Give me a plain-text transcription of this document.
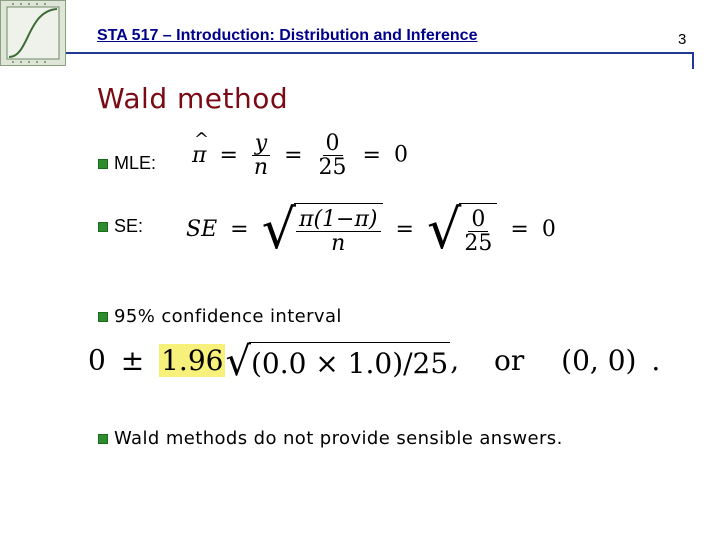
STA 517 – Introduction: Distribution and Inference	3
Wald method
MLE:
^ $\pi = \frac{y}{n} = \frac{0}{25} = 0$
SE: SE = √ $\frac{\pi(1-\pi)}{n}$ = √ $\frac{0}{25} = 0$
95% confidence interval
0 ± 1.96 √ (0.0 × 1.0)/25 , or (0, 0) .
Wald methods do not provide sensible answers.
